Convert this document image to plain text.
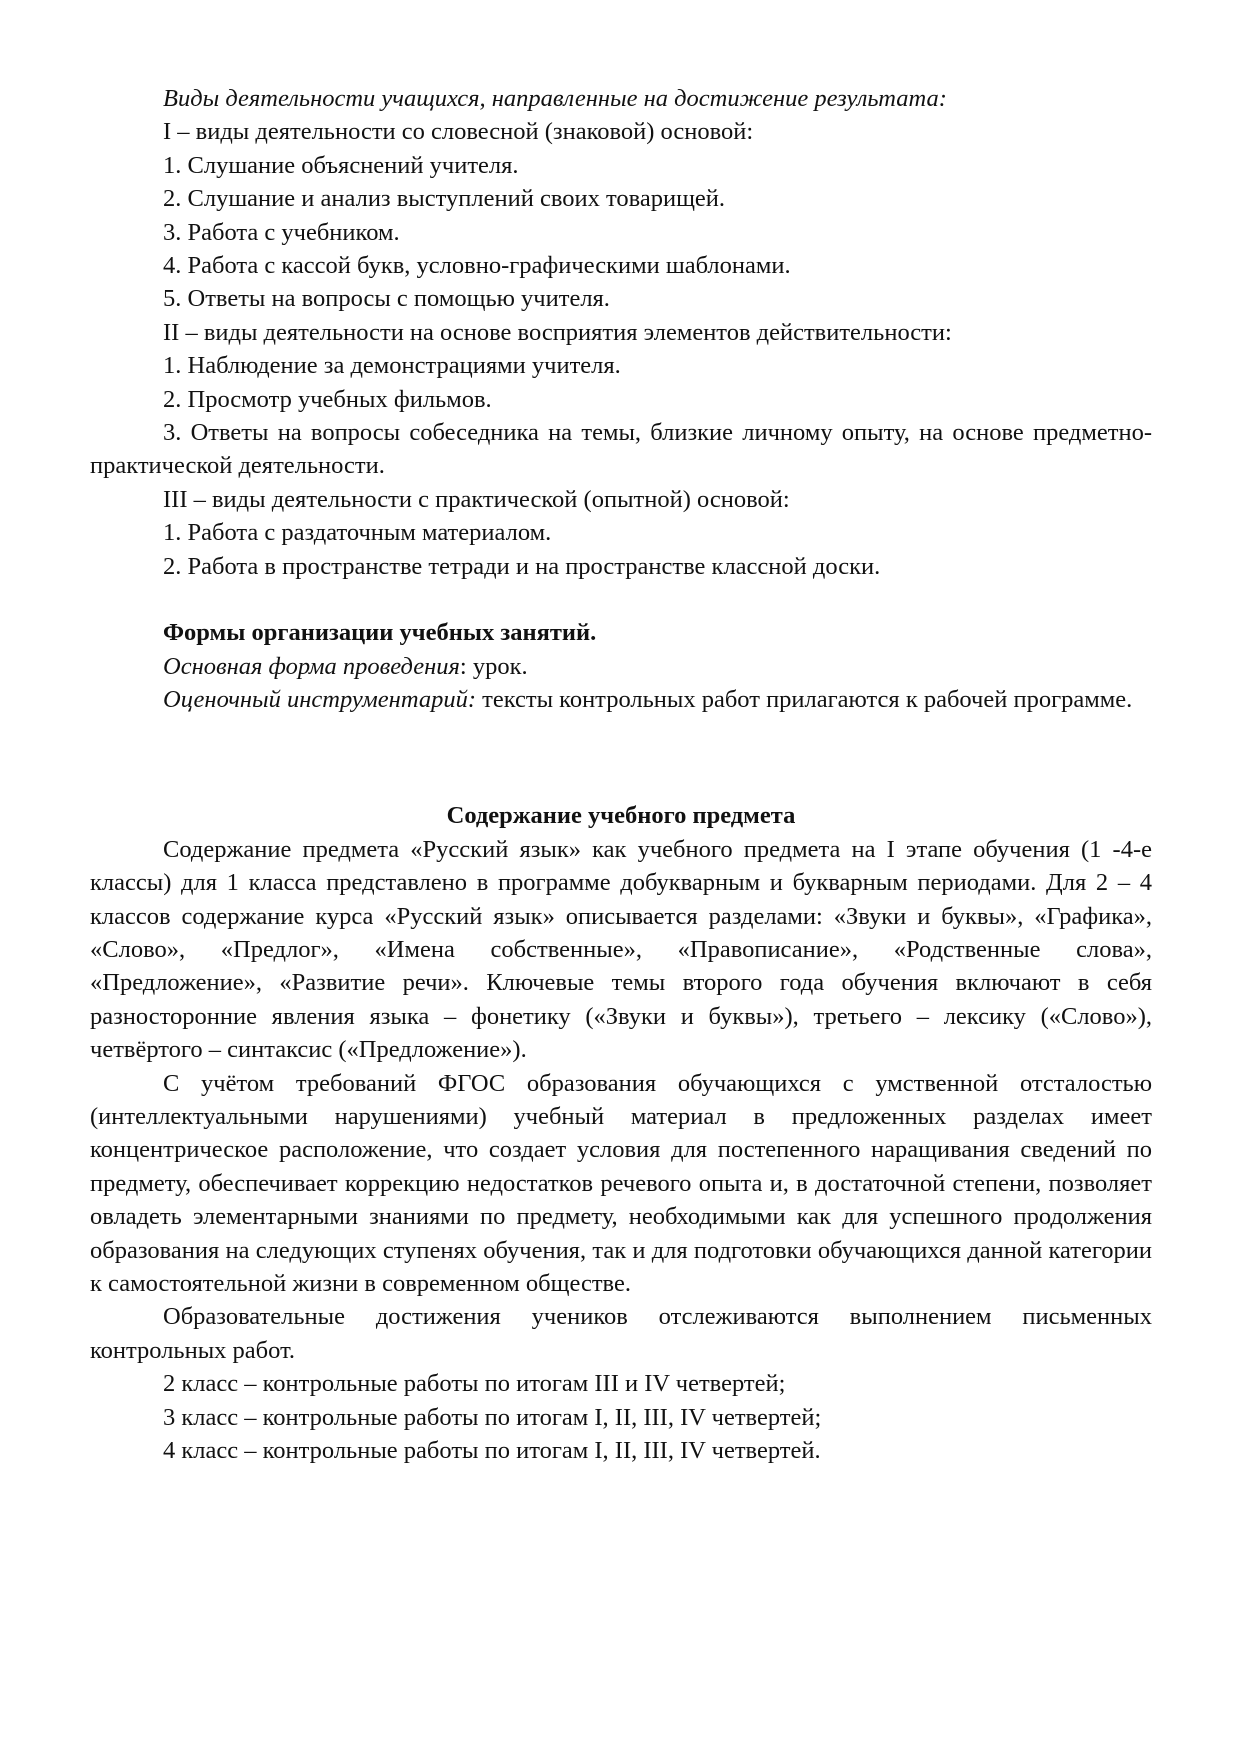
Виды деятельности учащихся, направленные на достижение результата:
I – виды деятельности со словесной (знаковой) основой:
1. Слушание объяснений учителя.
2. Слушание и анализ выступлений своих товарищей.
3. Работа с учебником.
4. Работа с кассой букв, условно-графическими шаблонами.
5. Ответы на вопросы с помощью учителя.
II – виды деятельности на основе восприятия элементов действительности:
1. Наблюдение за демонстрациями учителя.
2. Просмотр учебных фильмов.

3. Ответы на вопросы собеседника на темы, близкие личному опыту, на основе предметно-практической деятельности.

III – виды деятельности с практической (опытной) основой:
1. Работа с раздаточным материалом.
2. Работа в пространстве тетради и на пространстве классной доски.
Формы организации учебных занятий.
Основная форма проведения: урок.

Оценочный инструментарий: тексты контрольных работ прилагаются к рабочей программе.

Содержание учебного предмета

Содержание предмета «Русский язык» как учебного предмета на I этапе обучения (1 -4-е классы) для 1 класса представлено в программе добукварным и букварным периодами. Для 2 – 4 классов содержание курса «Русский язык» описывается разделами: «Звуки и буквы», «Графика», «Слово», «Предлог», «Имена собственные», «Правописание», «Родственные слова», «Предложение», «Развитие речи». Ключевые темы второго года обучения включают в себя разносторонние явления языка – фонетику («Звуки и буквы»), третьего – лексику («Слово»), четвёртого – синтаксис («Предложение»).

С учётом требований ФГОС образования обучающихся с умственной отсталостью (интеллектуальными нарушениями) учебный материал в предложенных разделах имеет концентрическое расположение, что создает условия для постепенного наращивания сведений по предмету, обеспечивает коррекцию недостатков речевого опыта и, в достаточной степени, позволяет овладеть элементарными знаниями по предмету, необходимыми как для успешного продолжения образования на следующих ступенях обучения, так и для подготовки обучающихся данной категории к самостоятельной жизни в современном обществе.

Образовательные достижения учеников отслеживаются выполнением письменных контрольных работ.

2 класс – контрольные работы по итогам III и IV четвертей;
3 класс – контрольные работы по итогам I, II, III, IV четвертей;
4 класс – контрольные работы по итогам I, II, III, IV четвертей.
